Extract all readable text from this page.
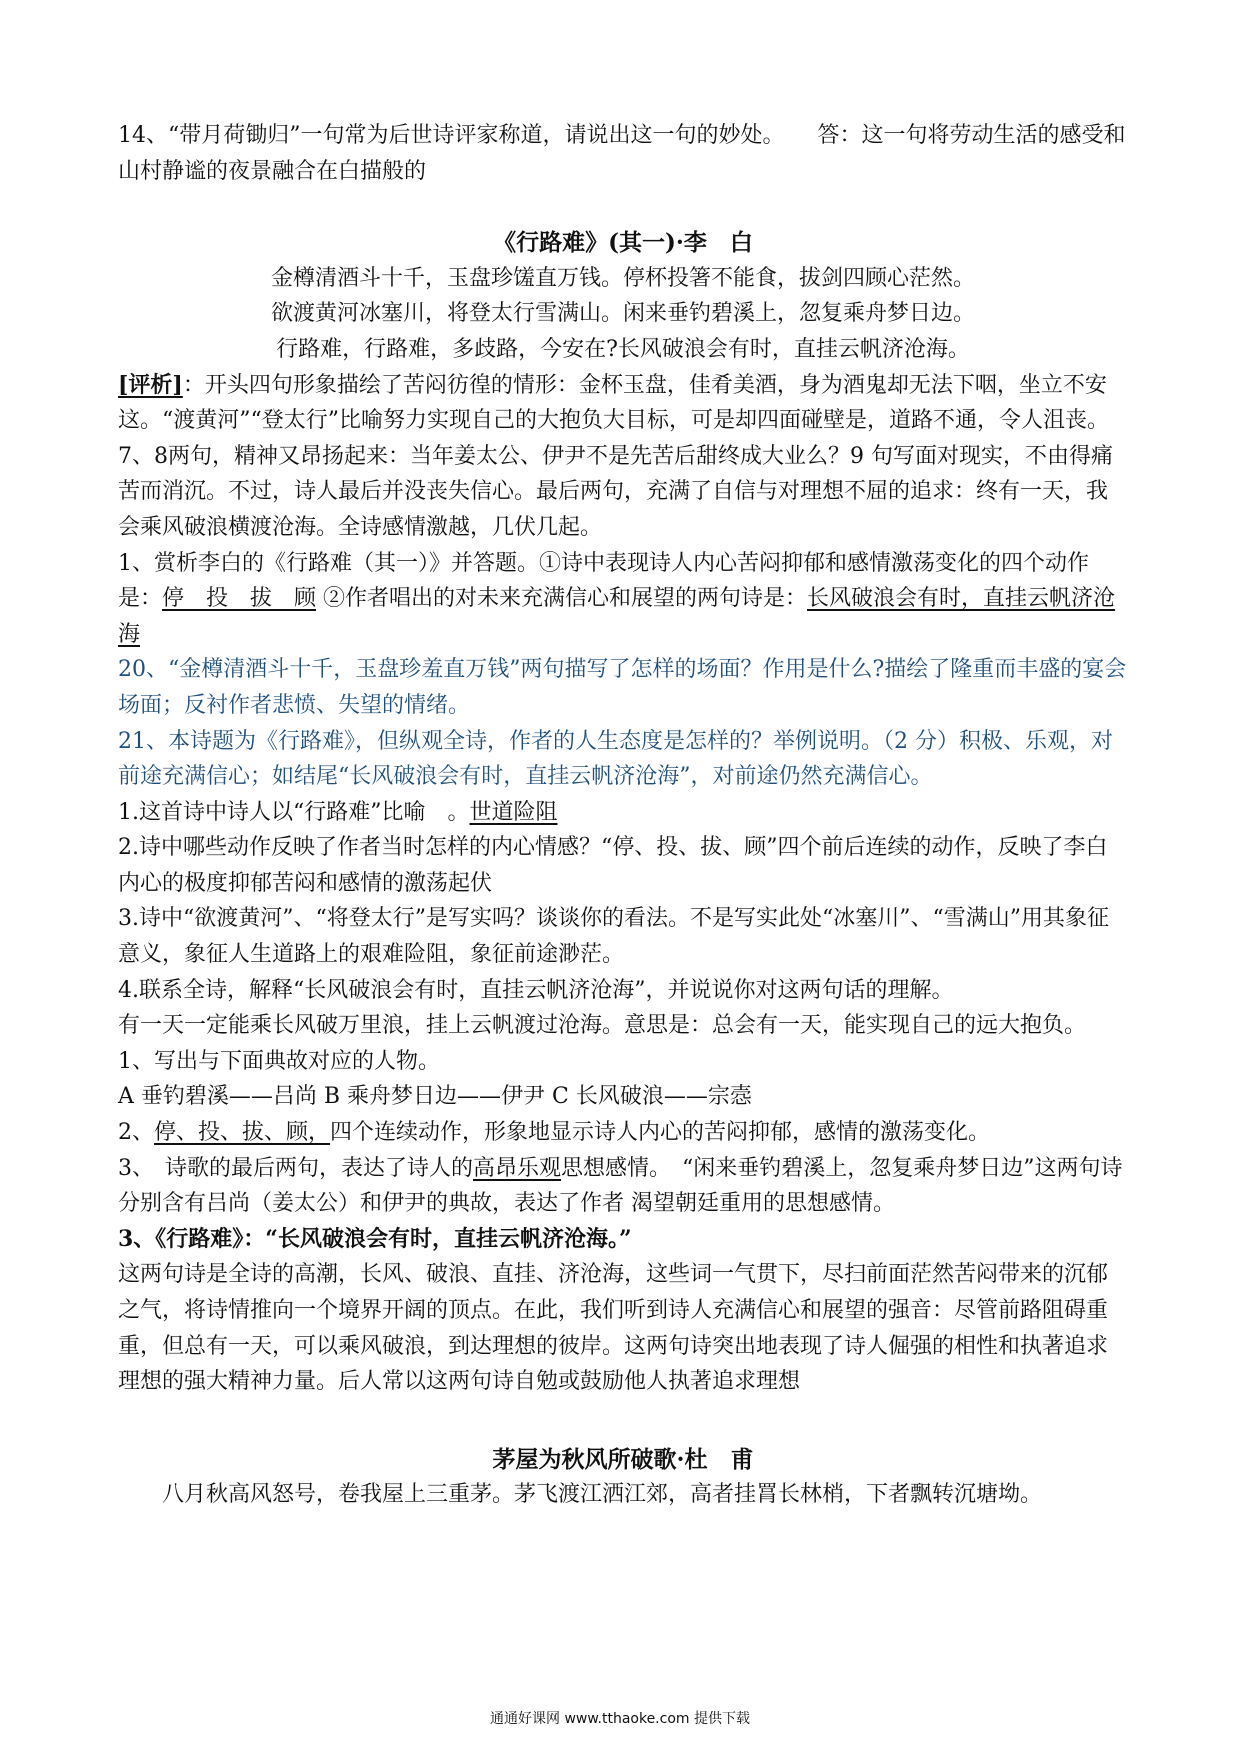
14、“带月荷锄归”一句常为后世诗评家称道，请说出这一句的妙处。　　答：这一句将劳动生活的感受和山村静谧的夜景融合在白描般的

《行路难》(其一)·李　白

金樽清酒斗十千，玉盘珍馐直万钱。停杯投箸不能食，拔剑四顾心茫然。

欲渡黄河冰塞川，将登太行雪满山。闲来垂钓碧溪上，忽复乘舟梦日边。

行路难，行路难，多歧路，今安在?长风破浪会有时，直挂云帆济沧海。

[评析]：开头四句形象描绘了苦闷彷徨的情形：金杯玉盘，佳肴美酒，身为酒鬼却无法下咽，坐立不安这。“渡黄河”“登太行”比喻努力实现自己的大抱负大目标，可是却四面碰壁是，道路不通，令人沮丧。7、8两句，精神又昂扬起来：当年姜太公、伊尹不是先苦后甜终成大业么？9 句写面对现实，不由得痛苦而消沉。不过，诗人最后并没丧失信心。最后两句，充满了自信与对理想不屈的追求：终有一天，我会乘风破浪横渡沧海。全诗感情激越，几伏几起。

1、赏析李白的《行路难（其一）》并答题。①诗中表现诗人内心苦闷抑郁和感情激荡变化的四个动作是：停　投　拔　顾 ②作者唱出的对未来充满信心和展望的两句诗是：长风破浪会有时，直挂云帆济沧海

20、“金樽清酒斗十千，玉盘珍羞直万钱”两句描写了怎样的场面？作用是什么?描绘了隆重而丰盛的宴会场面；反衬作者悲愤、失望的情绪。

21、本诗题为《行路难》，但纵观全诗，作者的人生态度是怎样的？举例说明。（2 分）积极、乐观，对前途充满信心；如结尾“长风破浪会有时，直挂云帆济沧海”，对前途仍然充满信心。

1.这首诗中诗人以“行路难”比喻　。世道险阻

2.诗中哪些动作反映了作者当时怎样的内心情感？“停、投、拔、顾”四个前后连续的动作，反映了李白内心的极度抑郁苦闷和感情的激荡起伏

3.诗中“欲渡黄河”、“将登太行”是写实吗？谈谈你的看法。不是写实此处“冰塞川”、“雪满山”用其象征意义，象征人生道路上的艰难险阻，象征前途渺茫。

4.联系全诗，解释“长风破浪会有时，直挂云帆济沧海”，并说说你对这两句话的理解。

有一天一定能乘长风破万里浪，挂上云帆渡过沧海。意思是：总会有一天，能实现自己的远大抱负。

1、写出与下面典故对应的人物。

A 垂钓碧溪——吕尚 B 乘舟梦日边——伊尹 C 长风破浪——宗悫

2、停、投、拔、顾，四个连续动作，形象地显示诗人内心的苦闷抑郁，感情的激荡变化。

3、　诗歌的最后两句，表达了诗人的高昂乐观思想感情。　“闲来垂钓碧溪上，忽复乘舟梦日边”这两句诗分别含有吕尚（姜太公）和伊尹的典故，表达了作者 渴望朝廷重用的思想感情。

3、《行路难》：“长风破浪会有时，直挂云帆济沧海。”

这两句诗是全诗的高潮，长风、破浪、直挂、济沧海，这些词一气贯下，尽扫前面茫然苦闷带来的沉郁之气，将诗情推向一个境界开阔的顶点。在此，我们听到诗人充满信心和展望的强音：尽管前路阻碍重重，但总有一天，可以乘风破浪，到达理想的彼岸。这两句诗突出地表现了诗人倔强的相性和执著追求理想的强大精神力量。后人常以这两句诗自勉或鼓励他人执著追求理想

茅屋为秋风所破歌·杜　甫

八月秋高风怒号，卷我屋上三重茅。茅飞渡江洒江郊，高者挂罥长林梢，下者飘转沉塘坳。

通通好课网 www.tthaoke.com 提供下载
